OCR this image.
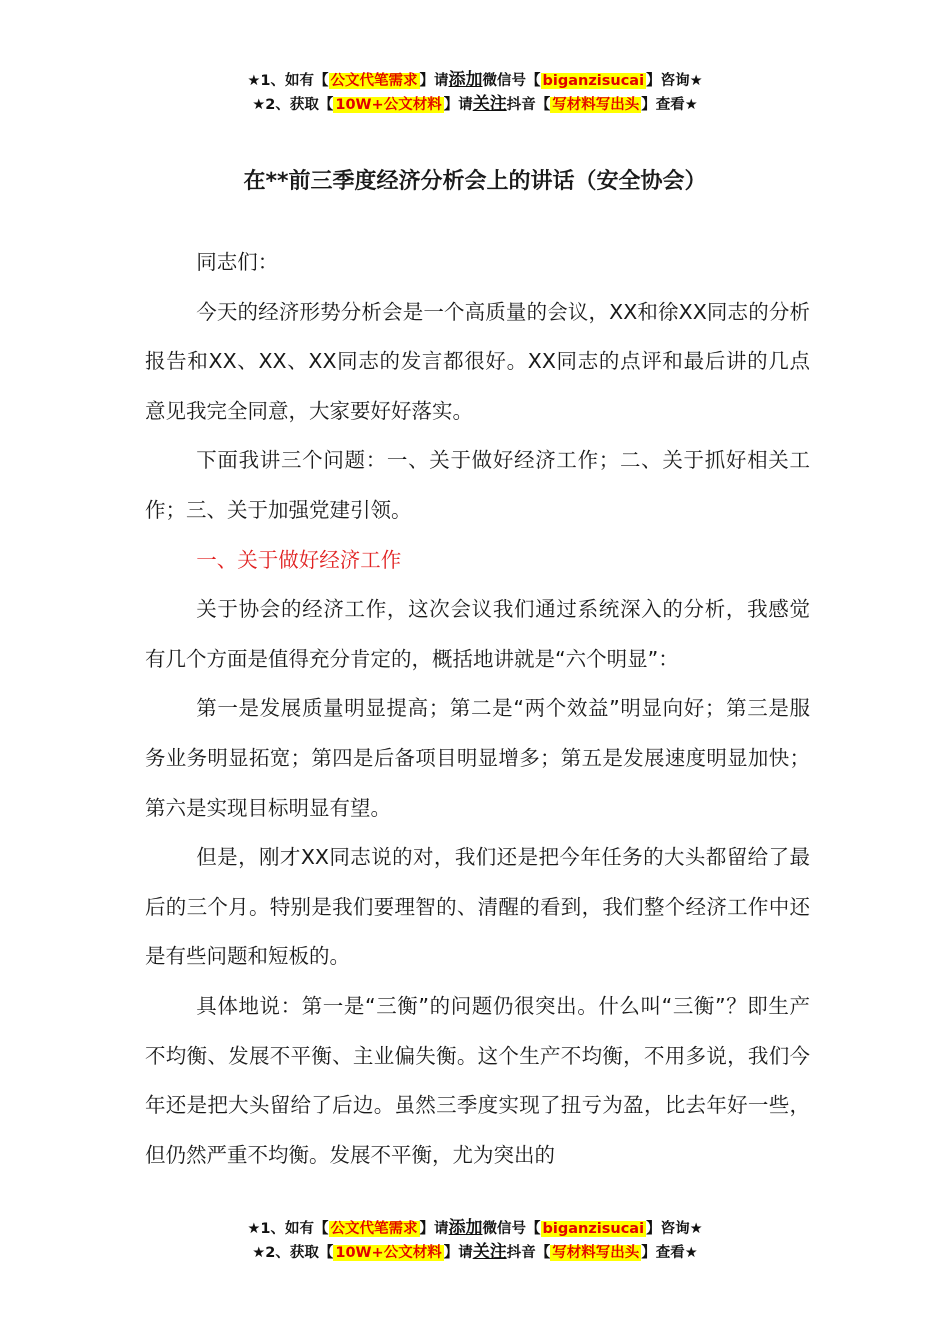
★1、如有【 公文代笔需求 】请添加微信号【 biganzisucai 】咨询★
★2、获取【 10W+公文材料 】请关注抖音【 写材料写出头 】查看★
在**前三季度经济分析会上的讲话（安全协会）

同志们：

今天的经济形势分析会是一个高质量的会议，XX和徐XX同志的分析报告和XX、XX、XX同志的发言都很好。XX同志的点评和最后讲的几点意见我完全同意，大家要好好落实。

下面我讲三个问题：一、关于做好经济工作；二、关于抓好相关工作；三、关于加强党建引领。

一、关于做好经济工作

关于协会的经济工作，这次会议我们通过系统深入的分析，我感觉有几个方面是值得充分肯定的，概括地讲就是“六个明显”：

第一是发展质量明显提高；第二是“两个效益”明显向好；第三是服务业务明显拓宽；第四是后备项目明显增多；第五是发展速度明显加快；第六是实现目标明显有望。

但是，刚才XX同志说的对，我们还是把今年任务的大头都留给了最后的三个月。特别是我们要理智的、清醒的看到，我们整个经济工作中还是有些问题和短板的。

具体地说：第一是“三衡”的问题仍很突出。什么叫“三衡”？即生产不均衡、发展不平衡、主业偏失衡。这个生产不均衡，不用多说，我们今年还是把大头留给了后边。虽然三季度实现了扭亏为盈，比去年好一些，但仍然严重不均衡。发展不平衡，尤为突出的

★1、如有【 公文代笔需求 】请添加微信号【 biganzisucai 】咨询★
★2、获取【 10W+公文材料 】请关注抖音【 写材料写出头 】查看★
